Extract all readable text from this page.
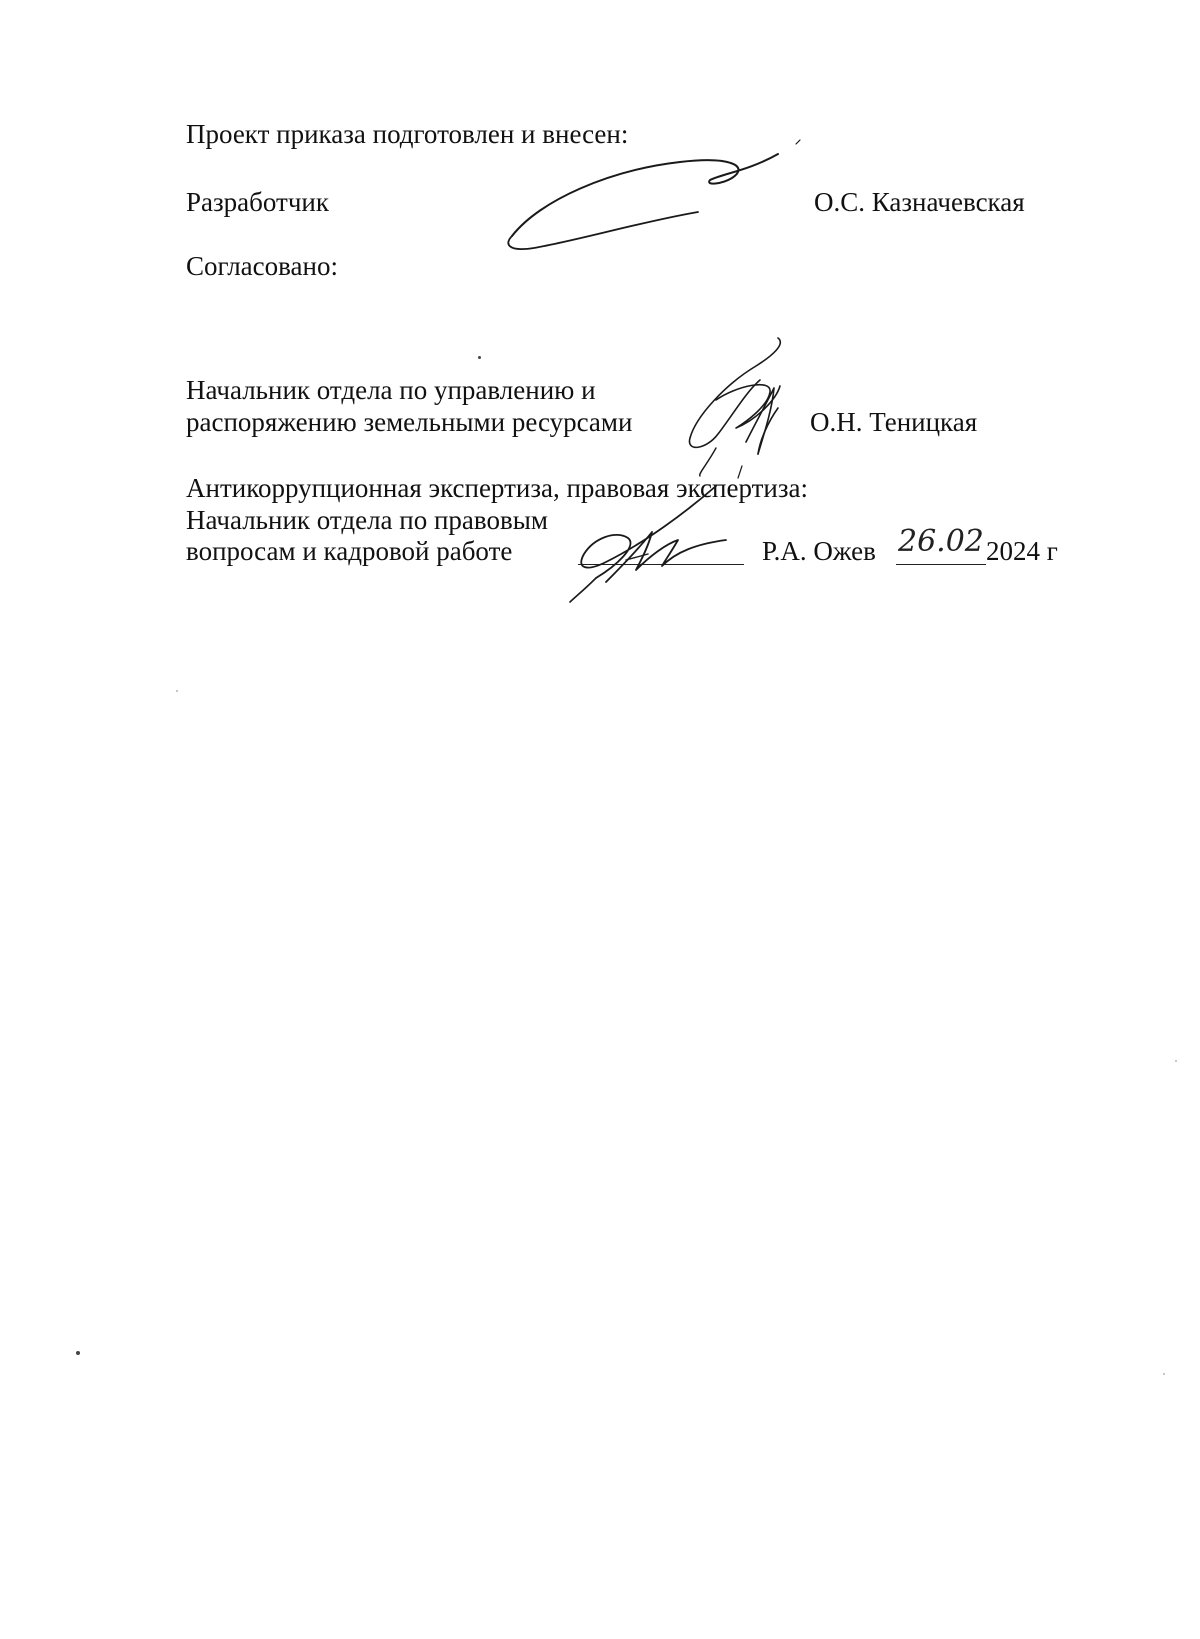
Проект приказа подготовлен и внесен:
Разработчик	О.С. Казначевская
Согласовано:
Начальник отдела по управлению и
распоряжению земельными ресурсами	О.Н. Теницкая
Антикоррупционная экспертиза, правовая экспертиза:
Начальник отдела по правовым
вопросам и кадровой работе	Р.А. Ожев 26.02 2024 г
